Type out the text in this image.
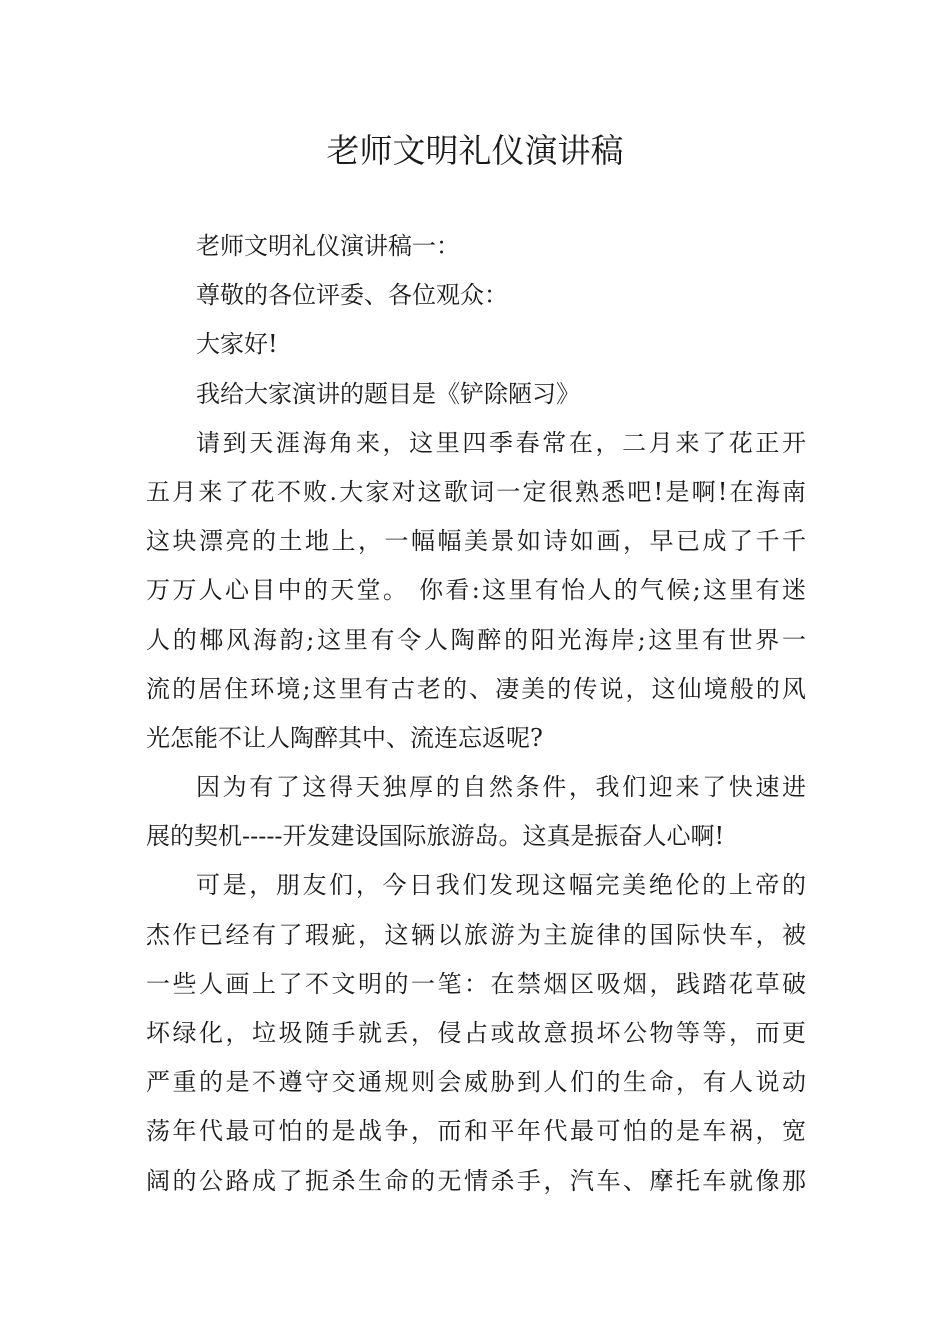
老师文明礼仪演讲稿
老师文明礼仪演讲稿一：
尊敬的各位评委、各位观众：
大家好!
我给大家演讲的题目是《铲除陋习》
请到天涯海角来，这里四季春常在，二月来了花正开
五月来了花不败.大家对这歌词一定很熟悉吧!是啊!在海南
这块漂亮的土地上，一幅幅美景如诗如画，早已成了千千
万万人心目中的天堂。 你看:这里有怡人的气候;这里有迷
人的椰风海韵;这里有令人陶醉的阳光海岸;这里有世界一
流的居住环境;这里有古老的、凄美的传说，这仙境般的风
光怎能不让人陶醉其中、流连忘返呢?
因为有了这得天独厚的自然条件，我们迎来了快速进
展的契机-----开发建设国际旅游岛。这真是振奋人心啊!
可是，朋友们，今日我们发现这幅完美绝伦的上帝的
杰作已经有了瑕疵，这辆以旅游为主旋律的国际快车，被
一些人画上了不文明的一笔：在禁烟区吸烟，践踏花草破
坏绿化，垃圾随手就丢，侵占或故意损坏公物等等，而更
严重的是不遵守交通规则会威胁到人们的生命，有人说动
荡年代最可怕的是战争，而和平年代最可怕的是车祸，宽
阔的公路成了扼杀生命的无情杀手，汽车、摩托车就像那
